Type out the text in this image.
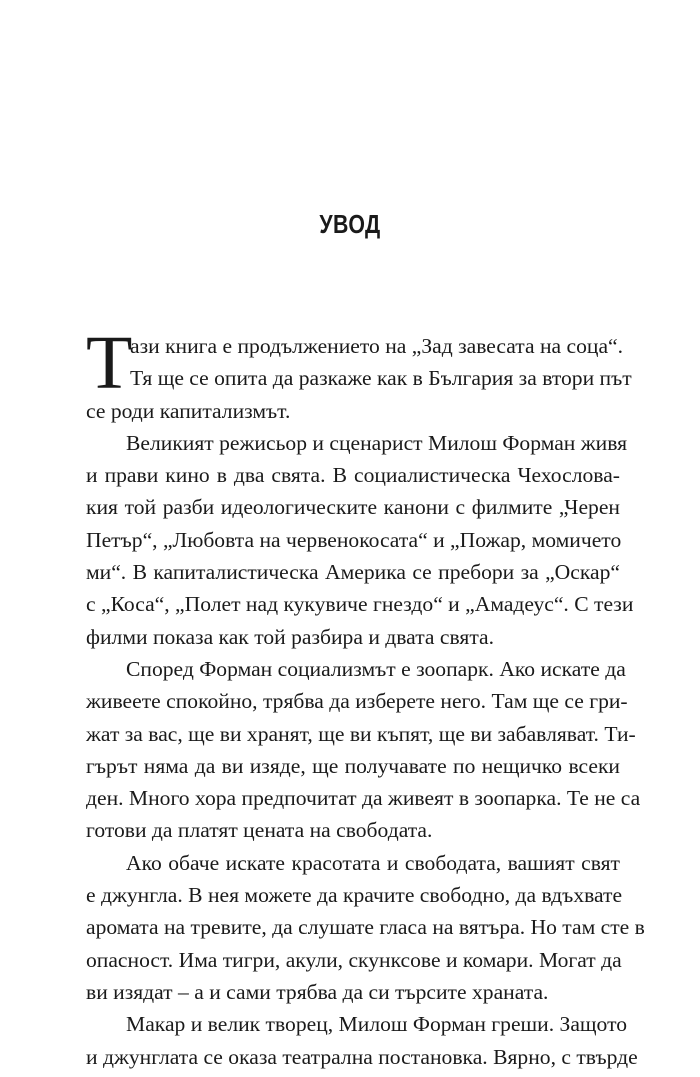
УВОД
Т
ази книга е продължението на „Зад завесата на соца“.
Тя ще се опита да разкаже как в България за втори път
се роди капитализмът.
Великият режисьор и сценарист Милош Форман живя
и прави кино в два свята. В социалистическа Чехослова-
кия той разби идеологическите канони с филмите „Черен
Петър“, „Любовта на червенокосата“ и „Пожар, момичето
ми“. В капиталистическа Америка се пребори за „Оскар“
с „Коса“, „Полет над кукувиче гнездо“ и „Амадеус“. С тези
филми показа как той разбира и двата свята.
Според Форман социализмът е зоопарк. Ако искате да
живеете спокойно, трябва да изберете него. Там ще се гри-
жат за вас, ще ви хранят, ще ви къпят, ще ви забавляват. Ти-
гърът няма да ви изяде, ще получавате по нещичко всеки
ден. Много хора предпочитат да живеят в зоопарка. Те не са
готови да платят цената на свободата.
Ако обаче искате красотата и свободата, вашият свят
е джунгла. В нея можете да крачите свободно, да вдъхвате
аромата на тревите, да слушате гласа на вятъра. Но там сте в
опасност. Има тигри, акули, скунксове и комари. Могат да
ви изядат – а и сами трябва да си търсите храната.
Макар и велик творец, Милош Форман греши. Защото
и джунглата се оказа театрална постановка. Вярно, с твърде
